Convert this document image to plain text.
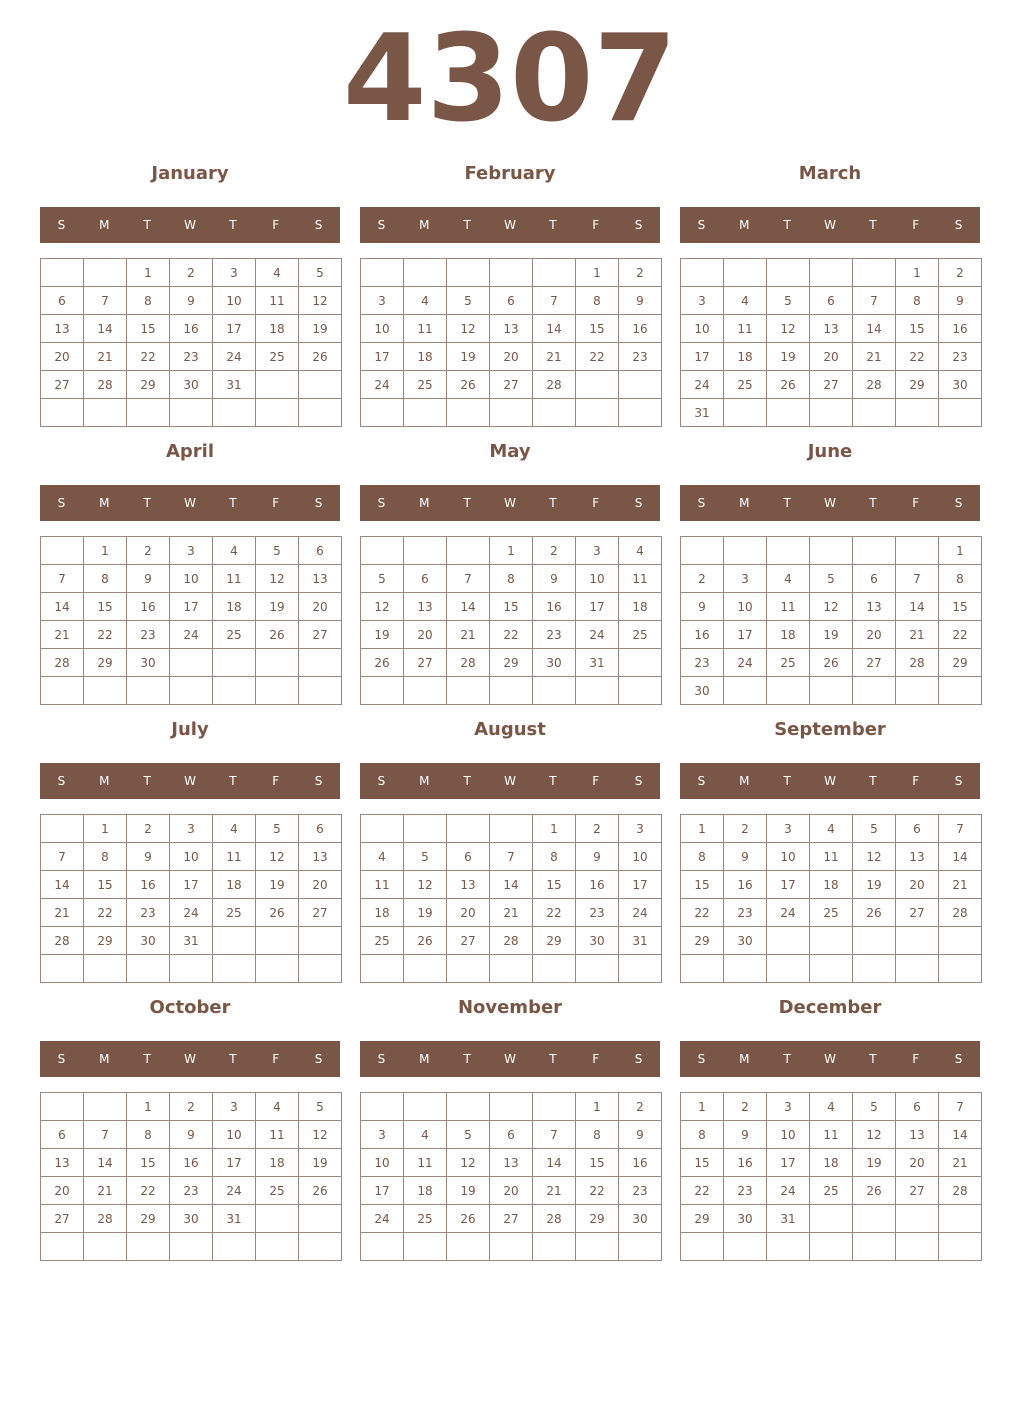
4307
January
S	M	T	W	T	F	S
		1	2	3	4	5
6	7	8	9	10	11	12
13	14	15	16	17	18	19
20	21	22	23	24	25	26
27	28	29	30	31		

February
S	M	T	W	T	F	S
					1	2
3	4	5	6	7	8	9
10	11	12	13	14	15	16
17	18	19	20	21	22	23
24	25	26	27	28		

March
S	M	T	W	T	F	S
					1	2
3	4	5	6	7	8	9
10	11	12	13	14	15	16
17	18	19	20	21	22	23
24	25	26	27	28	29	30
31						
April
S	M	T	W	T	F	S
	1	2	3	4	5	6
7	8	9	10	11	12	13
14	15	16	17	18	19	20
21	22	23	24	25	26	27
28	29	30				

May
S	M	T	W	T	F	S
			1	2	3	4
5	6	7	8	9	10	11
12	13	14	15	16	17	18
19	20	21	22	23	24	25
26	27	28	29	30	31	

June
S	M	T	W	T	F	S
						1
2	3	4	5	6	7	8
9	10	11	12	13	14	15
16	17	18	19	20	21	22
23	24	25	26	27	28	29
30						
July
S	M	T	W	T	F	S
	1	2	3	4	5	6
7	8	9	10	11	12	13
14	15	16	17	18	19	20
21	22	23	24	25	26	27
28	29	30	31			

August
S	M	T	W	T	F	S
				1	2	3
4	5	6	7	8	9	10
11	12	13	14	15	16	17
18	19	20	21	22	23	24
25	26	27	28	29	30	31

September
S	M	T	W	T	F	S
1	2	3	4	5	6	7
8	9	10	11	12	13	14
15	16	17	18	19	20	21
22	23	24	25	26	27	28
29	30					

October
S	M	T	W	T	F	S
		1	2	3	4	5
6	7	8	9	10	11	12
13	14	15	16	17	18	19
20	21	22	23	24	25	26
27	28	29	30	31		

November
S	M	T	W	T	F	S
					1	2
3	4	5	6	7	8	9
10	11	12	13	14	15	16
17	18	19	20	21	22	23
24	25	26	27	28	29	30

December
S	M	T	W	T	F	S
1	2	3	4	5	6	7
8	9	10	11	12	13	14
15	16	17	18	19	20	21
22	23	24	25	26	27	28
29	30	31				
